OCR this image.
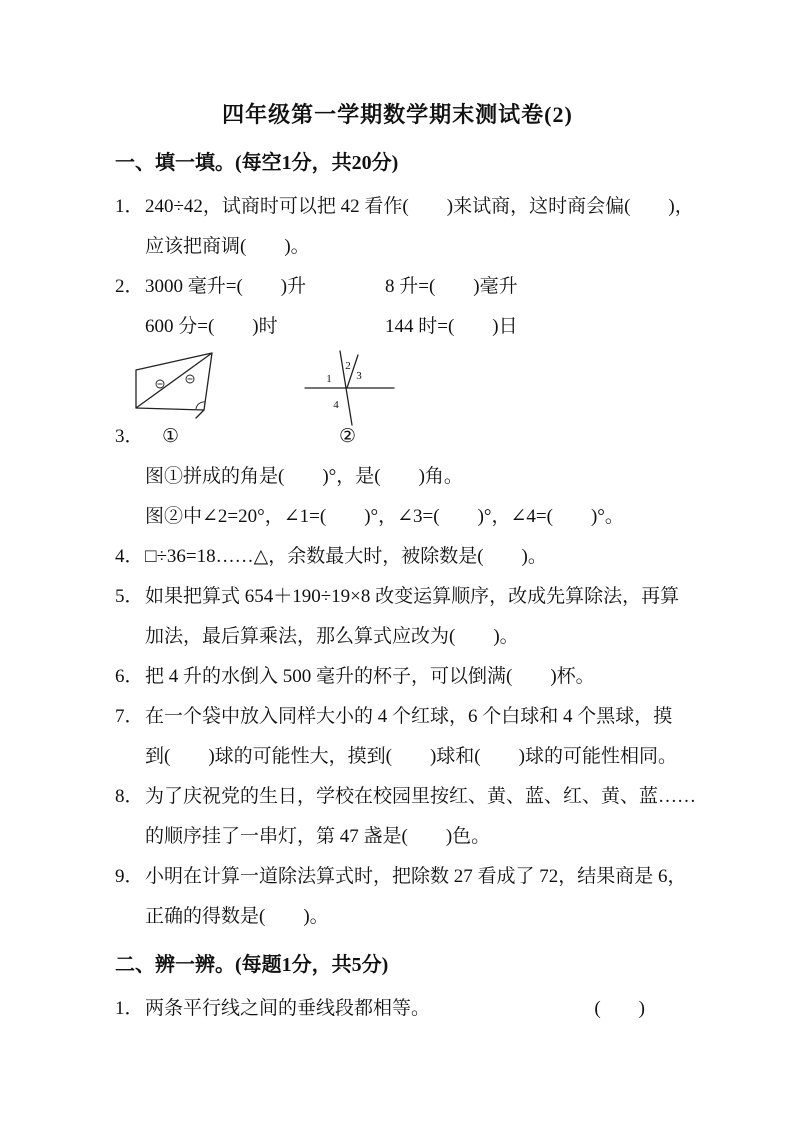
四年级第一学期数学期末测试卷(2)
一、填一填。(每空1分，共20分)
1．240÷42，试商时可以把 42 看作(　　)来试商，这时商会偏(　　)，
应该把商调(　　)。
2．3000 毫升=(　　)升	8 升=(　　)毫升
600 分=(　　)时	144 时=(　　)日
1
2
3
4
3． ①	②
图①拼成的角是(　　)°，是(　　)角。
图②中∠2=20°，∠1=(　　)°，∠3=(　　)°，∠4=(　　)°。
4．□÷36=18……△，余数最大时，被除数是(　　)。
5．如果把算式 654＋190÷19×8 改变运算顺序，改成先算除法，再算
加法，最后算乘法，那么算式应改为(　　)。
6．把 4 升的水倒入 500 毫升的杯子，可以倒满(　　)杯。
7．在一个袋中放入同样大小的 4 个红球，6 个白球和 4 个黑球，摸
到(　　)球的可能性大，摸到(　　)球和(　　)球的可能性相同。
8．为了庆祝党的生日，学校在校园里按红、黄、蓝、红、黄、蓝……
的顺序挂了一串灯，第 47 盏是(　　)色。
9．小明在计算一道除法算式时，把除数 27 看成了 72，结果商是 6，
正确的得数是(　　)。
二、辨一辨。(每题1分，共5分)
1． 两条平行线之间的垂线段都相等。	(　　)
